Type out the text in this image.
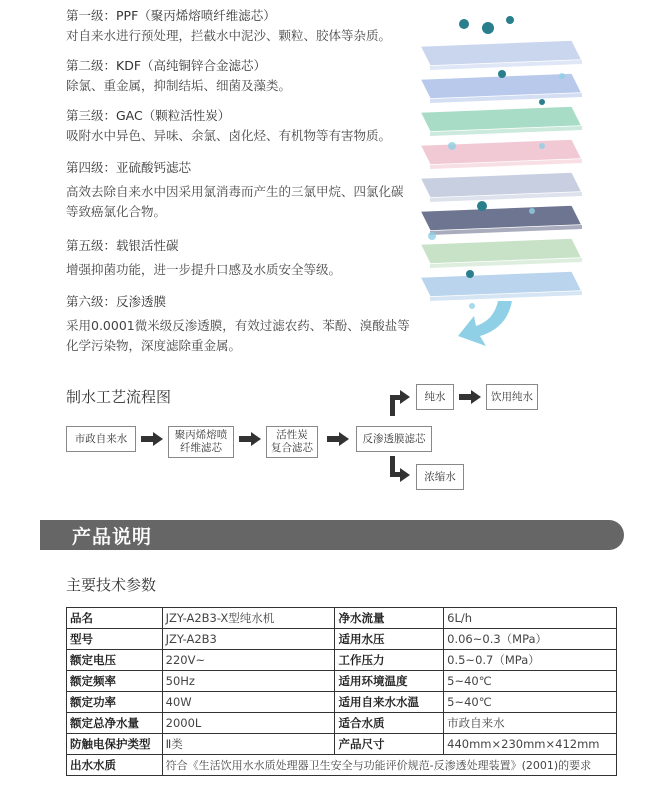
第一级：PPF（聚丙烯熔喷纤维滤芯）
对自来水进行预处理，拦截水中泥沙、颗粒、胶体等杂质。
第二级：KDF（高纯铜锌合金滤芯）
除氯、重金属，抑制结垢、细菌及藻类。
第三级：GAC（颗粒活性炭）
吸附水中异色、异味、余氯、卤化烃、有机物等有害物质。
第四级：亚硫酸钙滤芯
高效去除自来水中因采用氯消毒而产生的三氯甲烷、四氯化碳等致癌氯化合物。
第五级：载银活性碳
增强抑菌功能，进一步提升口感及水质安全等级。
第六级：反渗透膜
采用0.0001微米级反渗透膜，有效过滤农药、苯酚、溴酸盐等化学污染物，深度滤除重金属。
制水工艺流程图
市政自来水	聚丙烯熔喷
纤维滤芯
活性炭
复合滤芯
反渗透膜滤芯
纯水	饮用纯水
浓缩水
产品说明
主要技术参数
品名	JZY-A2B3-X型纯水机	净水流量	6L/h
型号	JZY-A2B3	适用水压	0.06~0.3（MPa）
额定电压	220V~	工作压力	0.5~0.7（MPa）
额定频率	50Hz	适用环境温度	5~40℃
额定功率	40W	适用自来水水温	5~40℃
额定总净水量	2000L	适合水质	市政自来水
防触电保护类型	Ⅱ类	产品尺寸	440mm×230mm×412mm
出水水质	符合《生活饮用水水质处理器卫生安全与功能评价规范-反渗透处理装置》(2001)的要求		
